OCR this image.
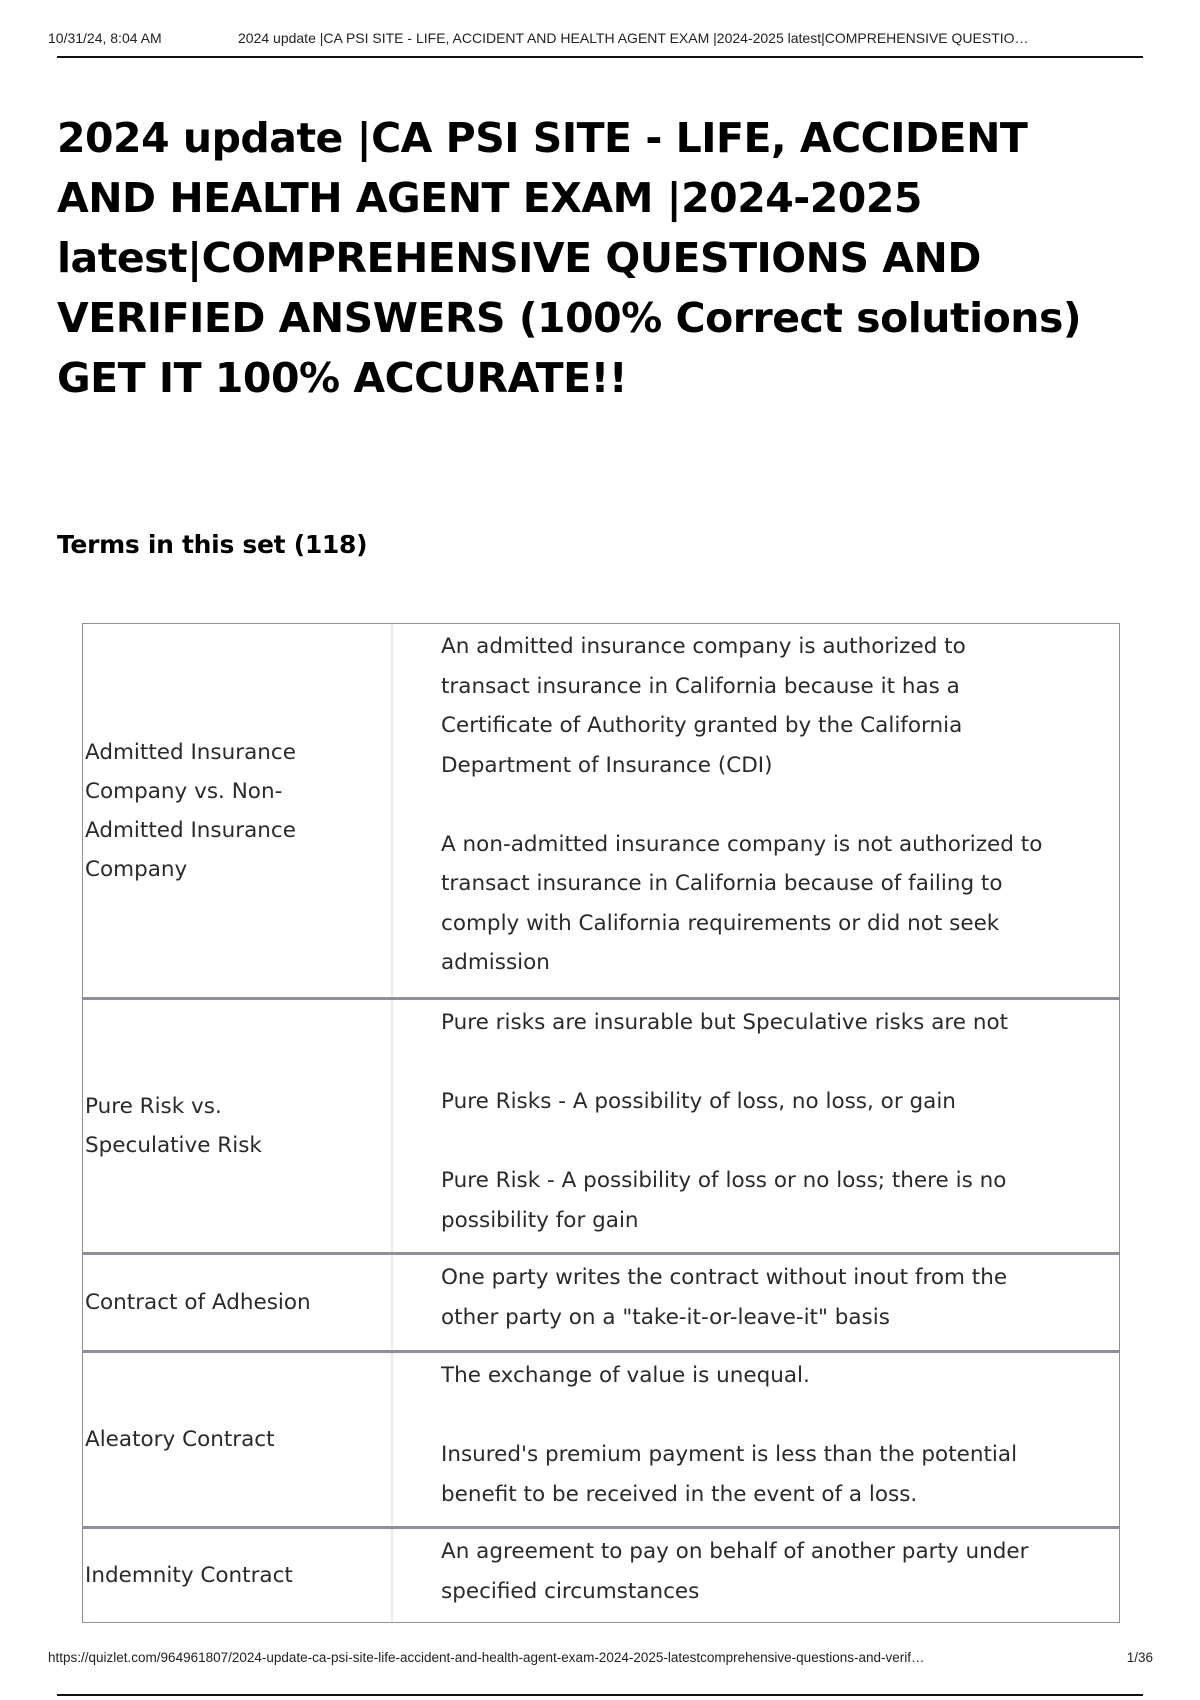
10/31/24, 8:04 AM	2024 update |CA PSI SITE - LIFE, ACCIDENT AND HEALTH AGENT EXAM |2024-2025 latest|COMPREHENSIVE QUESTIO…
2024 update |CA PSI SITE - LIFE, ACCIDENT AND HEALTH AGENT EXAM |2024-2025 latest|COMPREHENSIVE QUESTIONS AND VERIFIED ANSWERS (100% Correct solutions) GET IT 100% ACCURATE!!
Terms in this set (118)
Admitted Insurance Company vs. Non-Admitted Insurance Company

An admitted insurance company is authorized to transact insurance in California because it has a Certificate of Authority granted by the California Department of Insurance (CDI)

A non-admitted insurance company is not authorized to transact insurance in California because of failing to comply with California requirements or did not seek admission

Pure Risk vs. Speculative Risk

Pure risks are insurable but Speculative risks are not

Pure Risks - A possibility of loss, no loss, or gain

Pure Risk - A possibility of loss or no loss; there is no possibility for gain

Contract of Adhesion

One party writes the contract without inout from the other party on a "take-it-or-leave-it" basis

Aleatory Contract

The exchange of value is unequal.

Insured's premium payment is less than the potential benefit to be received in the event of a loss.

Indemnity Contract

An agreement to pay on behalf of another party under specified circumstances

https://quizlet.com/964961807/2024-update-ca-psi-site-life-accident-and-health-agent-exam-2024-2025-latestcomprehensive-questions-and-verif…	1/36
